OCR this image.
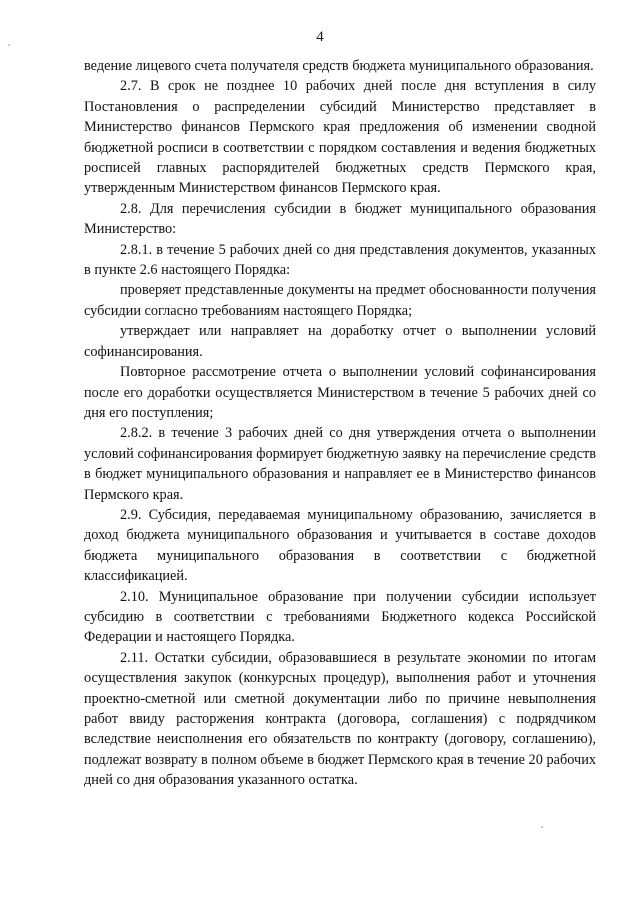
4

ведение лицевого счета получателя средств бюджета муниципального образования.

2.7. В срок не позднее 10 рабочих дней после дня вступления в силу Постановления о распределении субсидий Министерство представляет в Министерство финансов Пермского края предложения об изменении сводной бюджетной росписи в соответствии с порядком составления и ведения бюджетных росписей главных распорядителей бюджетных средств Пермского края, утвержденным Министерством финансов Пермского края.

2.8. Для перечисления субсидии в бюджет муниципального образования Министерство:

2.8.1. в течение 5 рабочих дней со дня представления документов, указанных в пункте 2.6 настоящего Порядка:

проверяет представленные документы на предмет обоснованности получения субсидии согласно требованиям настоящего Порядка;

утверждает или направляет на доработку отчет о выполнении условий софинансирования.

Повторное рассмотрение отчета о выполнении условий софинансирования после его доработки осуществляется Министерством в течение 5 рабочих дней со дня его поступления;

2.8.2. в течение 3 рабочих дней со дня утверждения отчета о выполнении условий софинансирования формирует бюджетную заявку на перечисление средств в бюджет муниципального образования и направляет ее в Министерство финансов Пермского края.

2.9. Субсидия, передаваемая муниципальному образованию, зачисляется в доход бюджета муниципального образования и учитывается в составе доходов бюджета муниципального образования в соответствии с бюджетной классификацией.

2.10. Муниципальное образование при получении субсидии использует субсидию в соответствии с требованиями Бюджетного кодекса Российской Федерации и настоящего Порядка.

2.11. Остатки субсидии, образовавшиеся в результате экономии по итогам осуществления закупок (конкурсных процедур), выполнения работ и уточнения проектно-сметной или сметной документации либо по причине невыполнения работ ввиду расторжения контракта (договора, соглашения) с подрядчиком вследствие неисполнения его обязательств по контракту (договору, соглашению), подлежат возврату в полном объеме в бюджет Пермского края в течение 20 рабочих дней со дня образования указанного остатка.
